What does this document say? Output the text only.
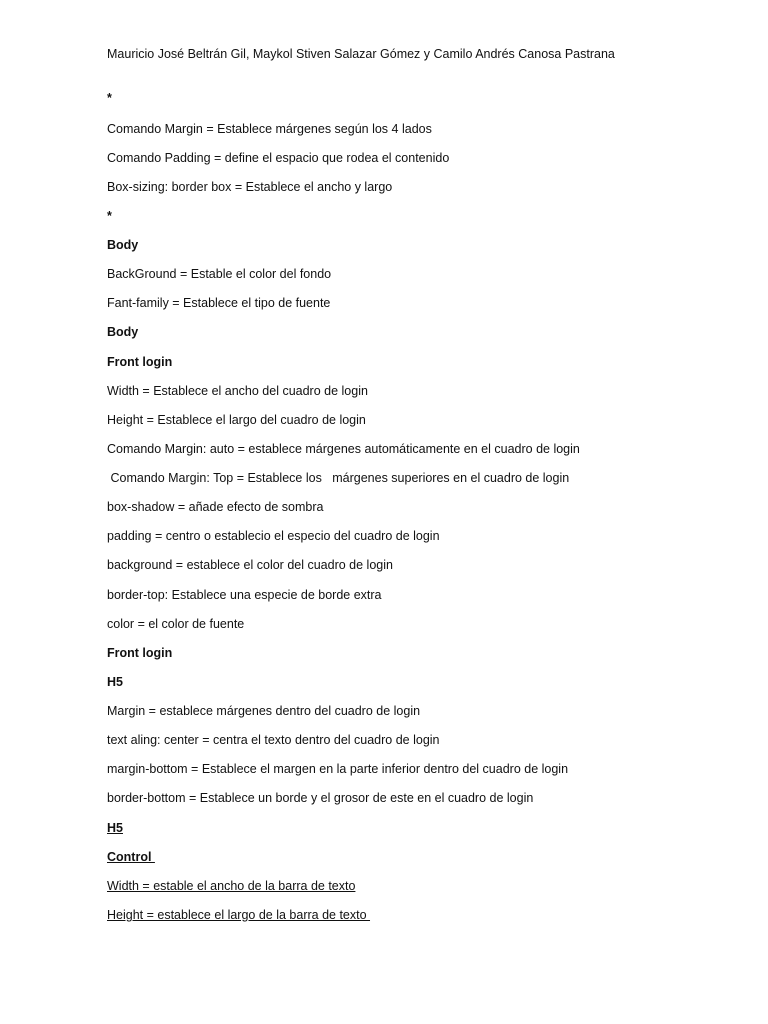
Mauricio José Beltrán Gil, Maykol Stiven Salazar Gómez y Camilo Andrés Canosa Pastrana

*

Comando Margin = Establece márgenes según los 4 lados

Comando Padding = define el espacio que rodea el contenido

Box-sizing: border box = Establece el ancho y largo

*

Body

BackGround = Estable el color del fondo

Fant-family = Establece el tipo de fuente

Body

Front login

Width = Establece el ancho del cuadro de login

Height = Establece el largo del cuadro de login

Comando Margin: auto = establece márgenes automáticamente en el cuadro de login

Comando Margin: Top = Establece los   márgenes superiores en el cuadro de login

box-shadow = añade efecto de sombra

padding = centro o establecio el especio del cuadro de login

background = establece el color del cuadro de login

border-top: Establece una especie de borde extra

color = el color de fuente

Front login

H5

Margin = establece márgenes dentro del cuadro de login

text aling: center = centra el texto dentro del cuadro de login

margin-bottom = Establece el margen en la parte inferior dentro del cuadro de login

border-bottom = Establece un borde y el grosor de este en el cuadro de login

H5

Control

Width = estable el ancho de la barra de texto

Height = establece el largo de la barra de texto
